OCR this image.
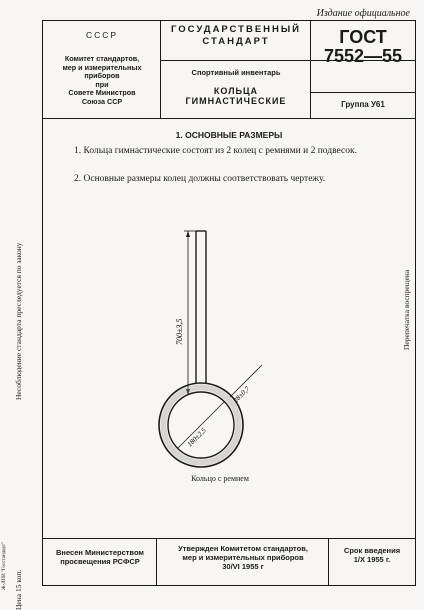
Издание официальное
СССР
Комитет стандартов,
мер и измерительных
приборов
при
Совете Министров
Союза ССР
ГОСУДАРСТВЕННЫЙ
СТАНДАРТ
Спортивный инвентарь
КОЛЬЦА
ГИМНАСТИЧЕСКИЕ
ГОСТ
7552—55
Группа У61
1. ОСНОВНЫЕ РАЗМЕРЫ
1. Кольца гимнастические состоят из 2 колец с ремнями и 2 подвесок.
2. Основные размеры колец должны соответствовать чертежу.
700±3,5
180±2,5
28±0,7
Кольцо с ремнем
Несоблюдение стандарта преследуется по закону
Цена 15 коп.
Перепечатка воспрещена
Внесен Министерством
просвещения РСФСР
Утвержден Комитетом стандартов,
мер и измерительных приборов
30/VI 1955 г
Срок введения
1/X 1955 г.
Ж-ЛПИ "Госстандарт"
